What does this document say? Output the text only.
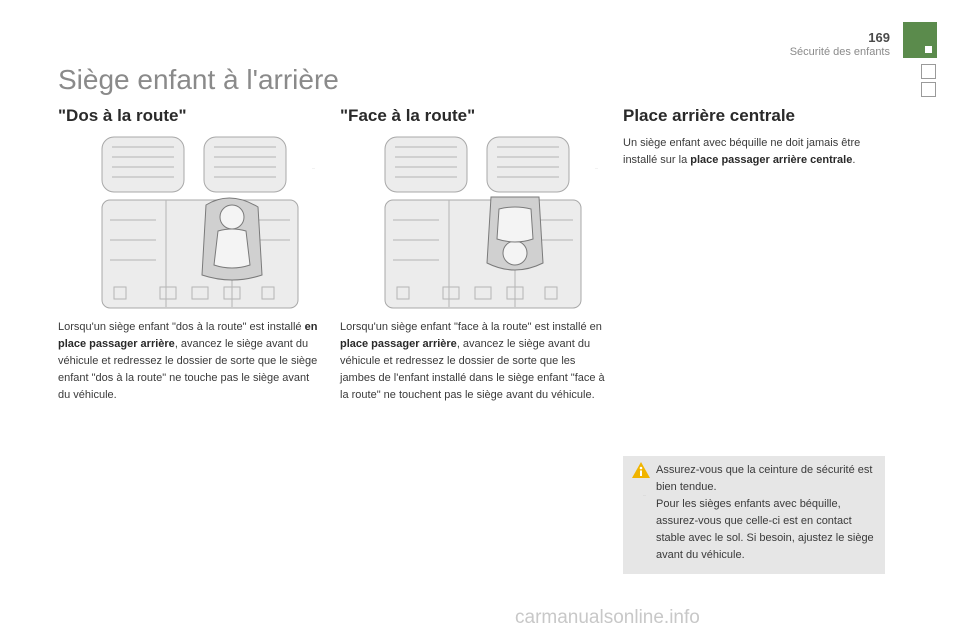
169
Sécurité des enfants
Siège enfant à l'arrière
"Dos à la route"	"Face à la route"	Place arrière centrale
...	...
Lorsqu'un siège enfant "dos à la route" est installé en place passager arrière, avancez le siège avant du véhicule et redressez le dossier de sorte que le siège enfant "dos à la route" ne touche pas le siège avant du véhicule.
Lorsqu'un siège enfant "face à la route" est installé en place passager arrière, avancez le siège avant du véhicule et redressez le dossier de sorte que les jambes de l'enfant installé dans le siège enfant "face à la route" ne touchent pas le siège avant du véhicule.
Un siège enfant avec béquille ne doit jamais être installé sur la place passager arrière centrale.
...
Assurez-vous que la ceinture de sécurité est bien tendue.
Pour les sièges enfants avec béquille, assurez-vous que celle-ci est en contact stable avec le sol. Si besoin, ajustez le siège avant du véhicule.
carmanualsonline.info
